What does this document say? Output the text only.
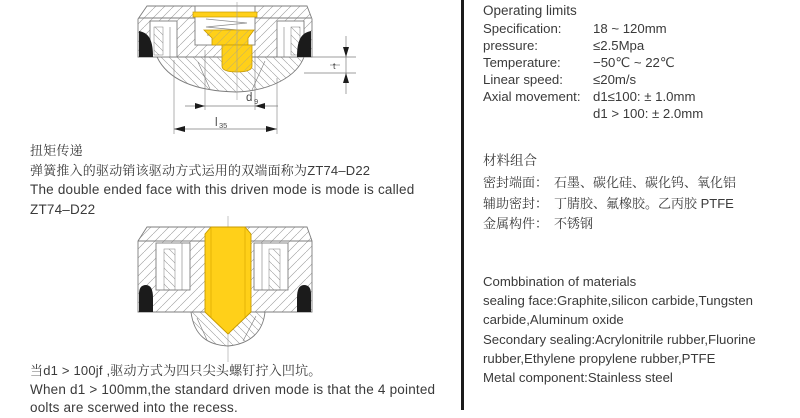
t
d 9
l 35
扭矩传递
弹簧推入的驱动销该驱动方式运用的双端面称为ZT74–D22
The double ended face with this driven mode is mode is called
ZT74–D22
当d1 > 100jf ,驱动方式为四只尖头螺钉拧入凹坑。
When d1 > 100mm,the standard driven mode is that the 4 pointed
oolts are scerwed into the recess.
Operating limits
Specification:	18 ~ 120mm
pressure:	≤2.5Mpa
Temperature:	−50℃ ~ 22℃
Linear speed:	≤20m/s
Axial movement: d1≤100: ± 1.0mm
d1 > 100: ± 2.0mm
材料组合
密封端面： 石墨、碳化硅、碳化钨、氧化铝
辅助密封： 丁腈胶、氟橡胶。乙丙胶 PTFE
金属构件： 不锈钢
Combbination of materials
sealing face:Graphite,silicon carbide,Tungsten
carbide,Aluminum oxide
Secondary sealing:Acrylonitrile rubber,Fluorine
rubber,Ethylene propylene rubber,PTFE
Metal component:Stainless steel
